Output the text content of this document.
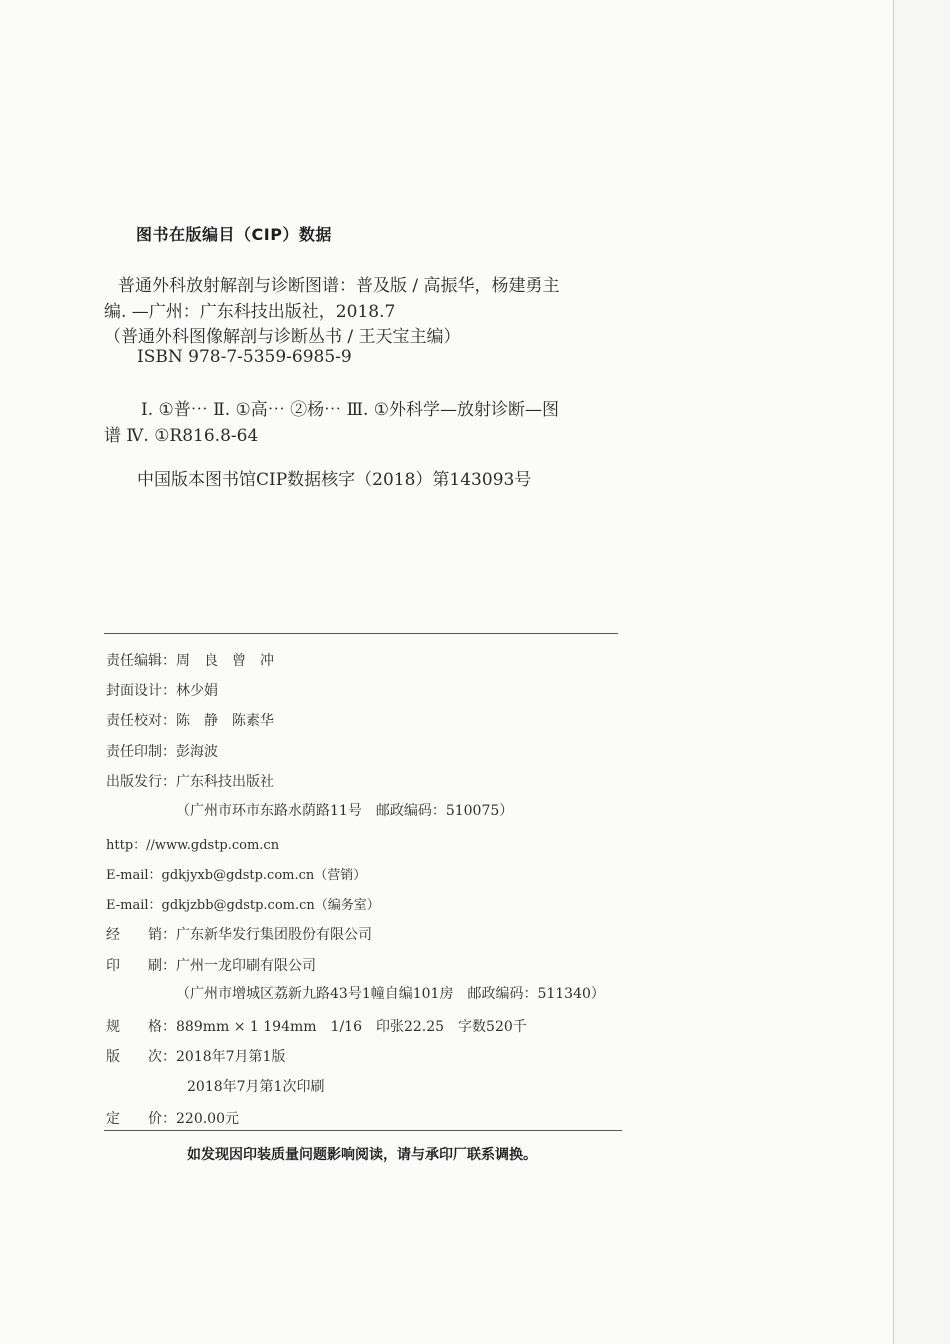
图书在版编目（CIP）数据
普通外科放射解剖与诊断图谱：普及版 / 高振华，杨建勇主
编. —广州：广东科技出版社，2018.7
（普通外科图像解剖与诊断丛书 / 王天宝主编）
ISBN 978-7-5359-6985-9
Ⅰ. ①普⋯ Ⅱ. ①高⋯ ②杨⋯ Ⅲ. ①外科学—放射诊断—图
谱 Ⅳ. ①R816.8-64
中国版本图书馆CIP数据核字（2018）第143093号
责任编辑：周　良　曾　冲
封面设计：林少娟
责任校对：陈　静　陈素华
责任印制：彭海波
出版发行：广东科技出版社
（广州市环市东路水荫路11号　邮政编码：510075）
http：//www.gdstp.com.cn
E-mail：gdkjyxb@gdstp.com.cn（营销）
E-mail：gdkjzbb@gdstp.com.cn（编务室）
经　　销：广东新华发行集团股份有限公司
印　　刷：广州一龙印刷有限公司
（广州市增城区荔新九路43号1幢自编101房　邮政编码：511340）
规　　格：889mm × 1 194mm　1/16　印张22.25　字数520千
版　　次：2018年7月第1版
2018年7月第1次印刷
定　　价：220.00元
如发现因印装质量问题影响阅读，请与承印厂联系调换。
